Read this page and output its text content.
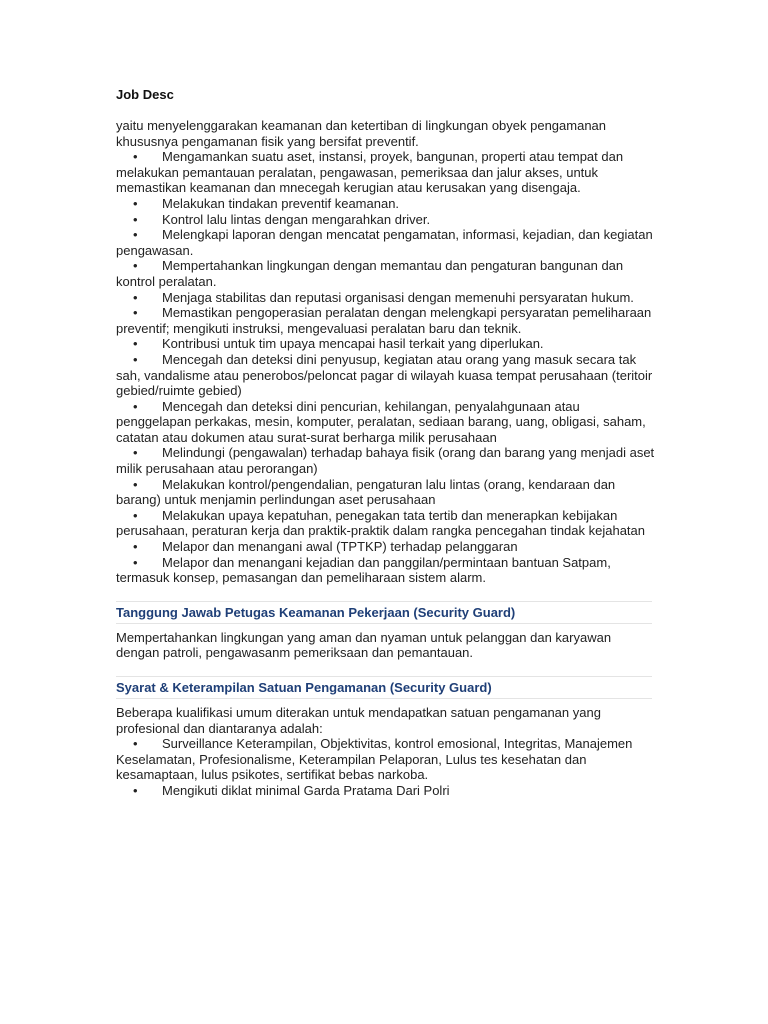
Job Desc

yaitu menyelenggarakan keamanan dan ketertiban di lingkungan obyek pengamanan khususnya pengamanan fisik yang bersifat preventif.

• Mengamankan suatu aset, instansi, proyek, bangunan, properti atau tempat dan melakukan pemantauan peralatan, pengawasan, pemeriksaa dan jalur akses, untuk memastikan keamanan dan mnecegah kerugian atau kerusakan yang disengaja.
• Melakukan tindakan preventif keamanan.
• Kontrol lalu lintas dengan mengarahkan driver.
• Melengkapi laporan dengan mencatat pengamatan, informasi, kejadian, dan kegiatan pengawasan.
• Mempertahankan lingkungan dengan memantau dan pengaturan bangunan dan kontrol peralatan.
• Menjaga stabilitas dan reputasi organisasi dengan memenuhi persyaratan hukum.
• Memastikan pengoperasian peralatan dengan melengkapi persyaratan pemeliharaan preventif; mengikuti instruksi, mengevaluasi peralatan baru dan teknik.
• Kontribusi untuk tim upaya mencapai hasil terkait yang diperlukan.
• Mencegah dan deteksi dini penyusup, kegiatan atau orang yang masuk secara tak sah, vandalisme atau penerobos/peloncat pagar di wilayah kuasa tempat perusahaan (teritoir gebied/ruimte gebied)
• Mencegah dan deteksi dini pencurian, kehilangan, penyalahgunaan atau penggelapan perkakas, mesin, komputer, peralatan, sediaan barang, uang, obligasi, saham, catatan atau dokumen atau surat-surat berharga milik perusahaan
• Melindungi (pengawalan) terhadap bahaya fisik (orang dan barang yang menjadi aset milik perusahaan atau perorangan)
• Melakukan kontrol/pengendalian, pengaturan lalu lintas (orang, kendaraan dan barang) untuk menjamin perlindungan aset perusahaan
• Melakukan upaya kepatuhan, penegakan tata tertib dan menerapkan kebijakan perusahaan, peraturan kerja dan praktik-praktik dalam rangka pencegahan tindak kejahatan
• Melapor dan menangani awal (TPTKP) terhadap pelanggaran
• Melapor dan menangani kejadian dan panggilan/permintaan bantuan Satpam, termasuk konsep, pemasangan dan pemeliharaan sistem alarm.
Tanggung Jawab Petugas Keamanan Pekerjaan (Security Guard)

Mempertahankan lingkungan yang aman dan nyaman untuk pelanggan dan karyawan dengan patroli, pengawasanm pemeriksaan dan pemantauan.

Syarat & Keterampilan Satuan Pengamanan (Security Guard)

Beberapa kualifikasi umum diterakan untuk mendapatkan satuan pengamanan yang profesional dan diantaranya adalah:

• Surveillance Keterampilan, Objektivitas, kontrol emosional, Integritas, Manajemen Keselamatan, Profesionalisme, Keterampilan Pelaporan, Lulus tes kesehatan dan kesamaptaan, lulus psikotes, sertifikat bebas narkoba.
• Mengikuti diklat minimal Garda Pratama Dari Polri
